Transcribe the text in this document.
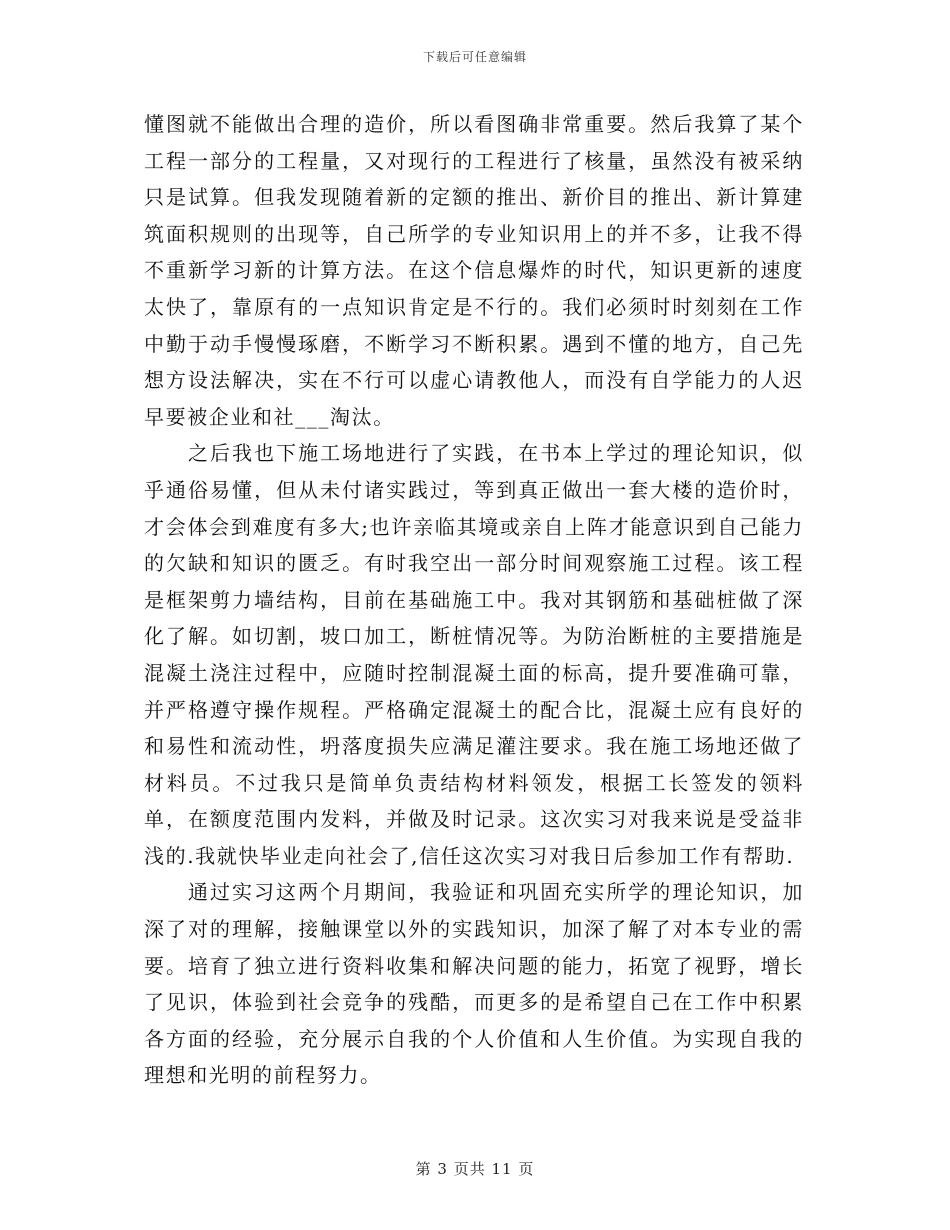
下载后可任意编辑

懂图就不能做出合理的造价，所以看图确非常重要。然后我算了某个工程一部分的工程量，又对现行的工程进行了核量，虽然没有被采纳只是试算。但我发现随着新的定额的推出、新价目的推出、新计算建筑面积规则的出现等，自己所学的专业知识用上的并不多，让我不得不重新学习新的计算方法。在这个信息爆炸的时代，知识更新的速度太快了，靠原有的一点知识肯定是不行的。我们必须时时刻刻在工作中勤于动手慢慢琢磨，不断学习不断积累。遇到不懂的地方，自己先想方设法解决，实在不行可以虚心请教他人，而没有自学能力的人迟早要被企业和社___淘汰。

之后我也下施工场地进行了实践，在书本上学过的理论知识，似乎通俗易懂，但从未付诸实践过，等到真正做出一套大楼的造价时，才会体会到难度有多大;也许亲临其境或亲自上阵才能意识到自己能力的欠缺和知识的匮乏。有时我空出一部分时间观察施工过程。该工程是框架剪力墙结构，目前在基础施工中。我对其钢筋和基础桩做了深化了解。如切割，坡口加工，断桩情况等。为防治断桩的主要措施是混凝土浇注过程中，应随时控制混凝土面的标高，提升要准确可靠，并严格遵守操作规程。严格确定混凝土的配合比，混凝土应有良好的和易性和流动性，坍落度损失应满足灌注要求。我在施工场地还做了材料员。不过我只是简单负责结构材料领发，根据工长签发的领料单，在额度范围内发料，并做及时记录。这次实习对我来说是受益非浅的.我就快毕业走向社会了,信任这次实习对我日后参加工作有帮助.

通过实习这两个月期间，我验证和巩固充实所学的理论知识，加深了对的理解，接触课堂以外的实践知识，加深了解了对本专业的需要。培育了独立进行资料收集和解决问题的能力，拓宽了视野，增长了见识，体验到社会竞争的残酷，而更多的是希望自己在工作中积累各方面的经验，充分展示自我的个人价值和人生价值。为实现自我的理想和光明的前程努力。

第 3 页共 11 页
